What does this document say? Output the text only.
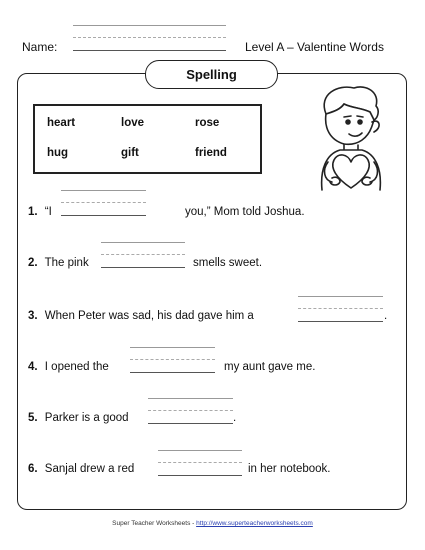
Name:	Level A – Valentine Words
Spelling
heart	love	rose
hug	gift	friend
1. “I	you,” Mom told Joshua.
2. The pink	smells sweet.
3. When Peter was sad, his dad gave him a	.
4. I opened the	my aunt gave me.
5. Parker is a good	.
6. Sanjal drew a red	in her notebook.
Super Teacher Worksheets - http://www.superteacherworksheets.com
